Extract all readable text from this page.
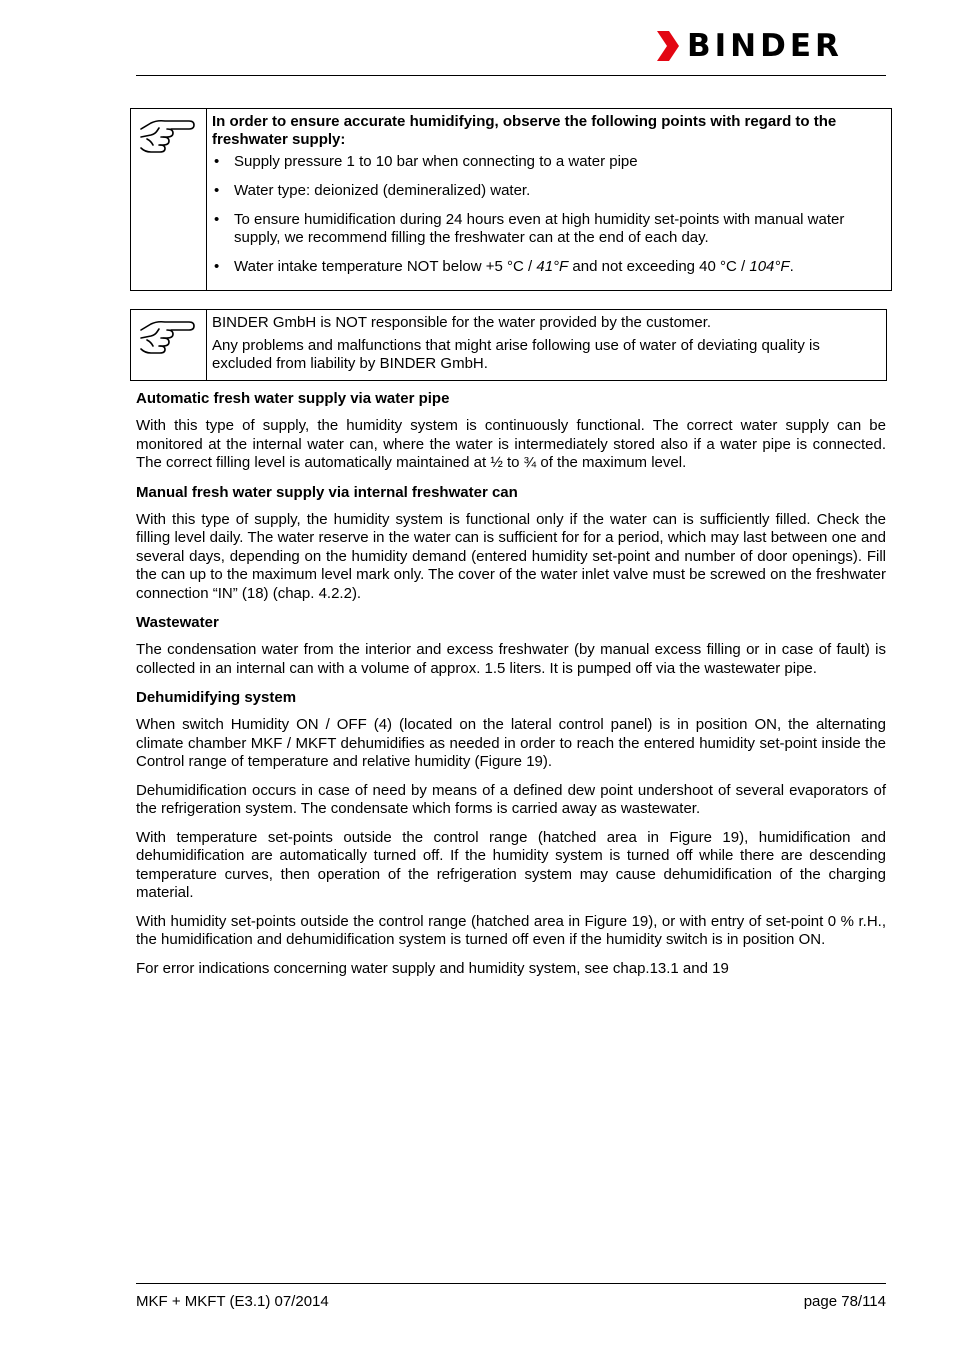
BINDER

In order to ensure accurate humidifying, observe the following points with regard to the freshwater supply:

• Supply pressure 1 to 10 bar when connecting to a water pipe
• Water type: deionized (demineralized) water.
• To ensure humidification during 24 hours even at high humidity set-points with manual water supply, we recommend filling the freshwater can at the end of each day.
• Water intake temperature NOT below +5 °C / 41°F and not exceeding 40 °C / 104°F.

BINDER GmbH is NOT responsible for the water provided by the customer.

Any problems and malfunctions that might arise following use of water of deviating quality is excluded from liability by BINDER GmbH.

Automatic fresh water supply via water pipe

With this type of supply, the humidity system is continuously functional. The correct water supply can be monitored at the internal water can, where the water is intermediately stored also if a water pipe is connected. The correct filling level is automatically maintained at ½ to ¾ of the maximum level.

Manual fresh water supply via internal freshwater can

With this type of supply, the humidity system is functional only if the water can is sufficiently filled. Check the filling level daily. The water reserve in the water can is sufficient for for a period, which may last between one and several days, depending on the humidity demand (entered humidity set-point and number of door openings). Fill the can up to the maximum level mark only. The cover of the water inlet valve must be screwed on the freshwater connection “IN” (18) (chap. 4.2.2).

Wastewater

The condensation water from the interior and excess freshwater (by manual excess filling or in case of fault) is collected in an internal can with a volume of approx. 1.5 liters. It is pumped off via the wastewater pipe.

Dehumidifying system

When switch Humidity ON / OFF (4) (located on the lateral control panel) is in position ON, the alternating climate chamber MKF / MKFT dehumidifies as needed in order to reach the entered humidity set-point inside the Control range of temperature and relative humidity (Figure 19).

Dehumidification occurs in case of need by means of a defined dew point undershoot of several evaporators of the refrigeration system. The condensate which forms is carried away as wastewater.

With temperature set-points outside the control range (hatched area in Figure 19), humidification and dehumidification are automatically turned off. If the humidity system is turned off while there are descending temperature curves, then operation of the refrigeration system may cause dehumidification of the charging material.

With humidity set-points outside the control range (hatched area in Figure 19), or with entry of set-point 0 % r.H., the humidification and dehumidification system is turned off even if the humidity switch is in position ON.

For error indications concerning water supply and humidity system, see chap.13.1 and 19

MKF + MKFT (E3.1) 07/2014	page 78/114
